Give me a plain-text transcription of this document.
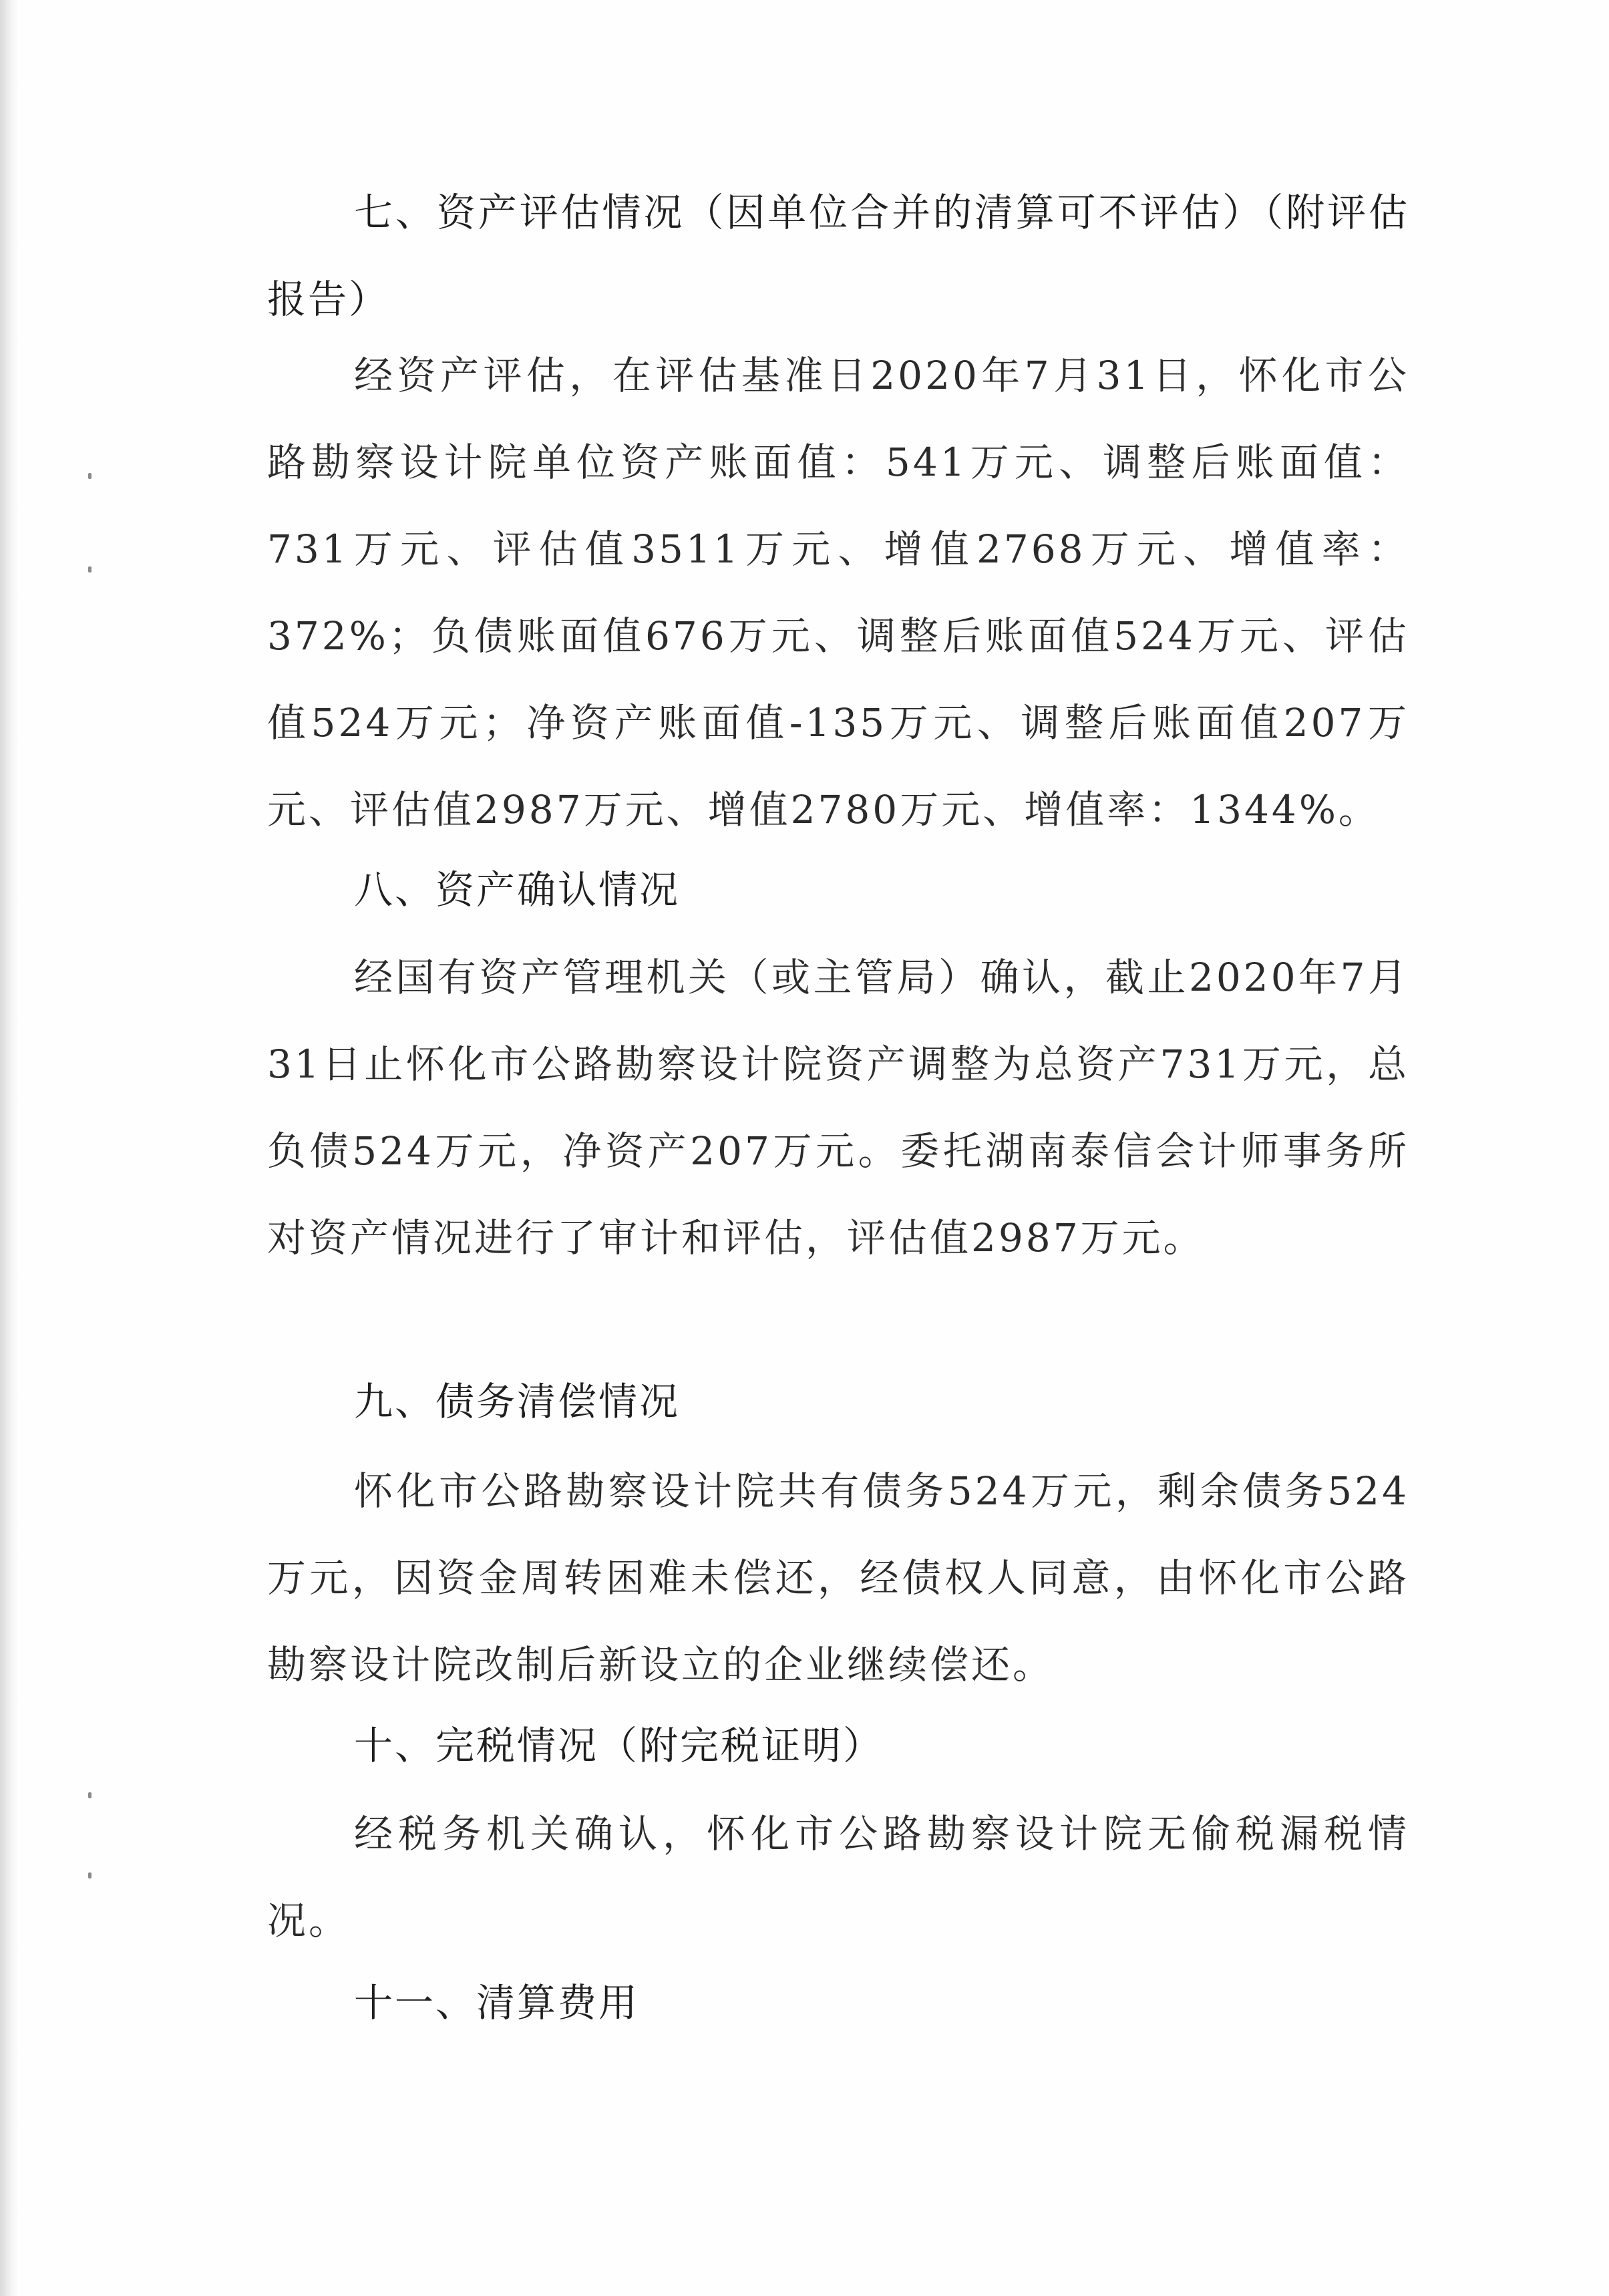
七、资产评估情况（因单位合并的清算可不评估）（附评估报告）

经资产评估，在评估基准日2020年7月31日，怀化市公路勘察设计院单位资产账面值：541万元、调整后账面值：731万元、评估值3511万元、增值2768万元、增值率：372%；负债账面值676万元、调整后账面值524万元、评估值524万元；净资产账面值-135万元、调整后账面值207万元、评估值2987万元、增值2780万元、增值率：1344%。

八、资产确认情况

经国有资产管理机关（或主管局）确认，截止2020年7月31日止怀化市公路勘察设计院资产调整为总资产731万元，总负债524万元，净资产207万元。委托湖南泰信会计师事务所对资产情况进行了审计和评估，评估值2987万元。

九、债务清偿情况

怀化市公路勘察设计院共有债务524万元，剩余债务524万元，因资金周转困难未偿还，经债权人同意，由怀化市公路勘察设计院改制后新设立的企业继续偿还。

十、完税情况（附完税证明）

经税务机关确认，怀化市公路勘察设计院无偷税漏税情况。

十一、清算费用
